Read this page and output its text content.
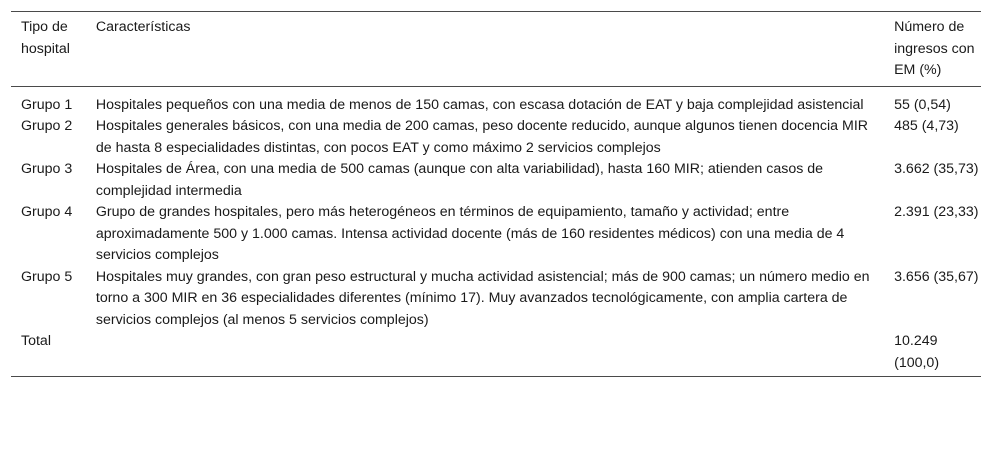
Tipo de hospital	Características	Número de ingresos con EM (%)
Grupo 1	Hospitales pequeños con una media de menos de 150 camas, con escasa dotación de EAT y baja complejidad asistencial	55 (0,54)
Grupo 2	Hospitales generales básicos, con una media de 200 camas, peso docente reducido, aunque algunos tienen docencia MIR de hasta 8 especialidades distintas, con pocos EAT y como máximo 2 servicios complejos	485 (4,73)
Grupo 3	Hospitales de Área, con una media de 500 camas (aunque con alta variabilidad), hasta 160 MIR; atienden casos de complejidad intermedia	3.662 (35,73)
Grupo 4	Grupo de grandes hospitales, pero más heterogéneos en términos de equipamiento, tamaño y actividad; entre aproximadamente 500 y 1.000 camas. Intensa actividad docente (más de 160 residentes médicos) con una media de 4 servicios complejos	2.391 (23,33)
Grupo 5	Hospitales muy grandes, con gran peso estructural y mucha actividad asistencial; más de 900 camas; un número medio en torno a 300 MIR en 36 especialidades diferentes (mínimo 17). Muy avanzados tecnológicamente, con amplia cartera de servicios complejos (al menos 5 servicios complejos)	3.656 (35,67)
Total		10.249 (100,0)
